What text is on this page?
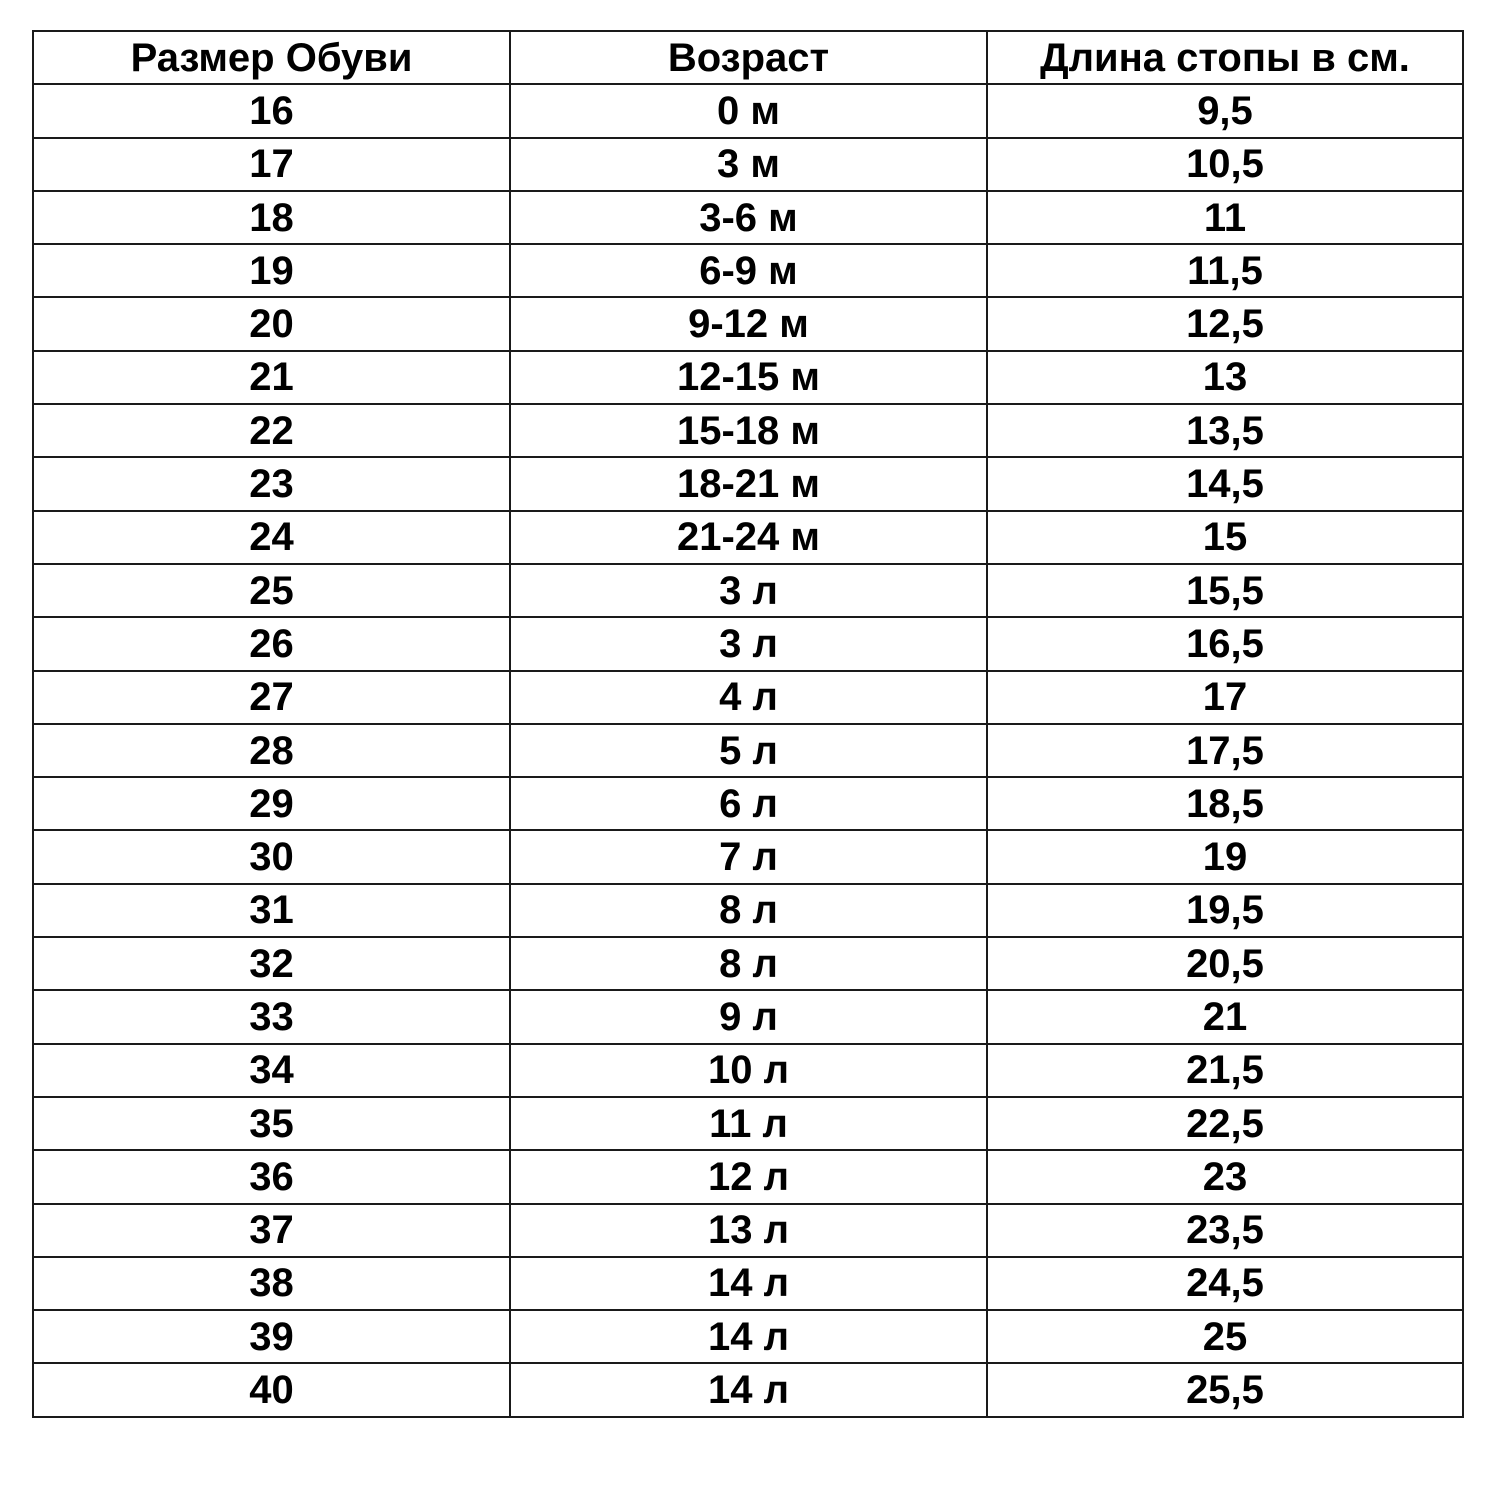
Размер Обуви	Возраст	Длина стопы в см.
16	0 м	9,5
17	3 м	10,5
18	3-6 м	11
19	6-9 м	11,5
20	9-12 м	12,5
21	12-15 м	13
22	15-18 м	13,5
23	18-21 м	14,5
24	21-24 м	15
25	3 л	15,5
26	3 л	16,5
27	4 л	17
28	5 л	17,5
29	6 л	18,5
30	7 л	19
31	8 л	19,5
32	8 л	20,5
33	9 л	21
34	10 л	21,5
35	11 л	22,5
36	12 л	23
37	13 л	23,5
38	14 л	24,5
39	14 л	25
40	14 л	25,5
